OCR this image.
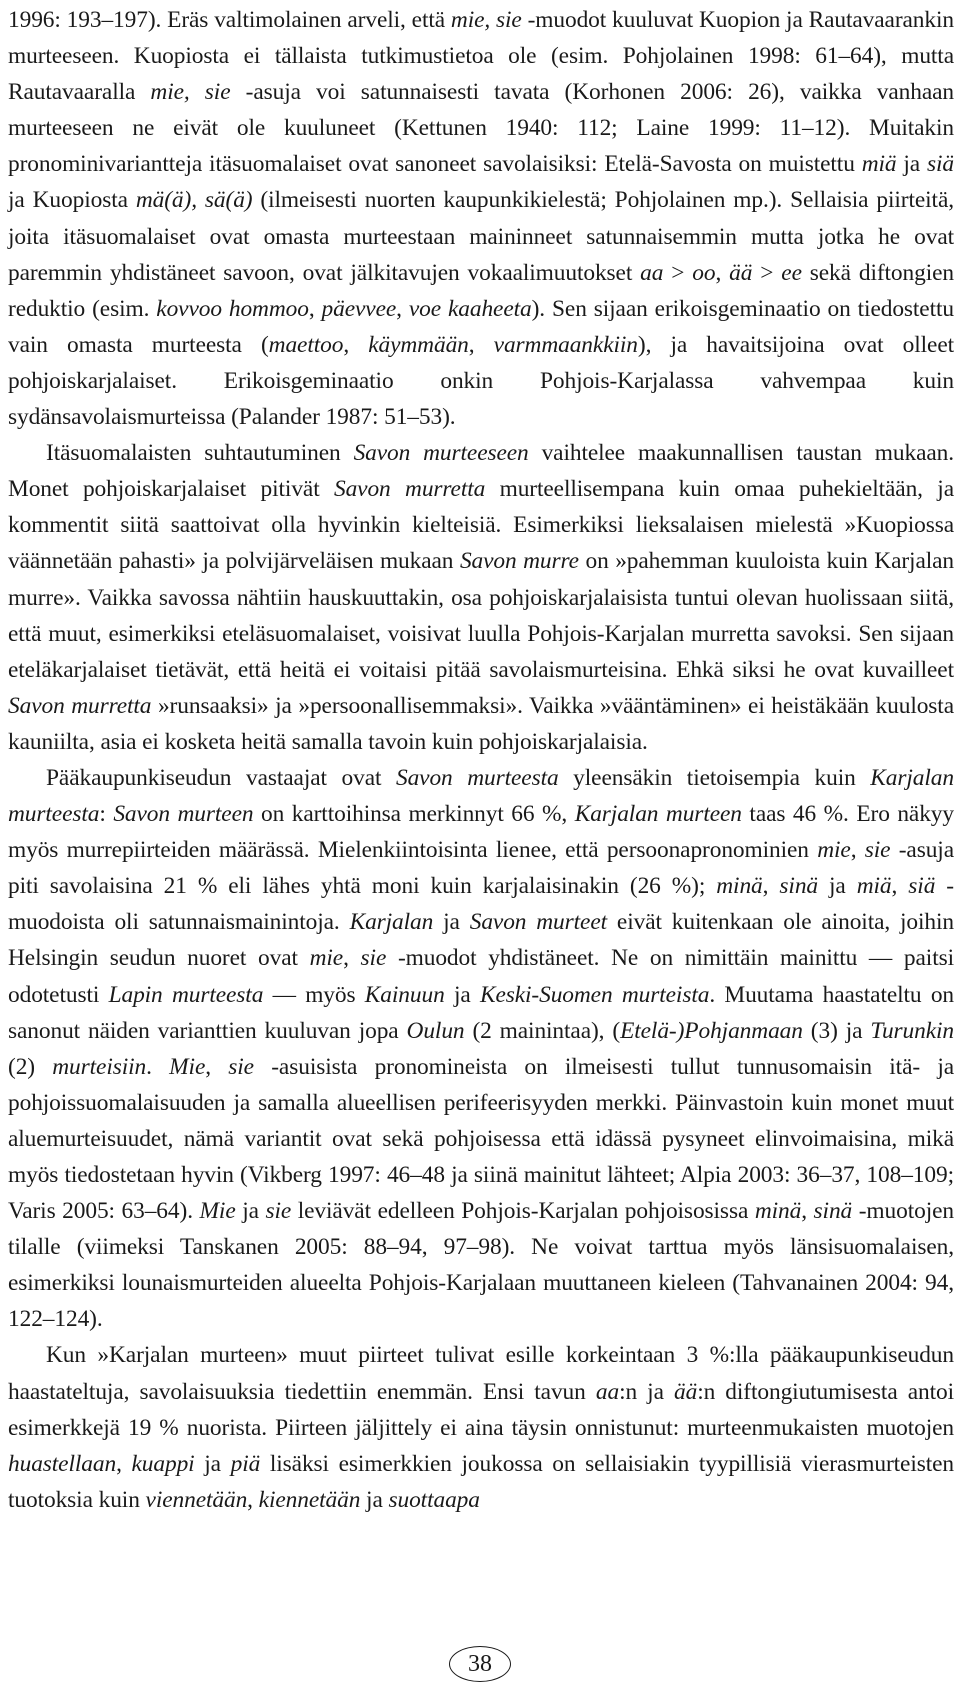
1996: 193–197). Eräs valtimolainen arveli, että mie, sie -muodot kuuluvat Kuopion ja Rautavaarankin murteeseen. Kuopiosta ei tällaista tutkimustietoa ole (esim. Pohjolainen 1998: 61–64), mutta Rautavaaralla mie, sie -asuja voi satunnaisesti tavata (Korhonen 2006: 26), vaikka vanhaan murteeseen ne eivät ole kuuluneet (Kettunen 1940: 112; Laine 1999: 11–12). Muitakin pronominivariantteja itäsuomalaiset ovat sanoneet savolaisiksi: Etelä-Savosta on muistettu miä ja siä ja Kuopiosta mä(ä), sä(ä) (ilmeisesti nuorten kaupunkikielestä; Pohjolainen mp.). Sellaisia piirteitä, joita itäsuomalaiset ovat omasta murteestaan maininneet satunnaisemmin mutta jotka he ovat paremmin yhdistäneet savoon, ovat jälkitavujen vokaalimuutokset aa > oo, ää > ee sekä diftongien reduktio (esim. kovvoo hommoo, päevvee, voe kaaheeta). Sen sijaan erikoisgeminaatio on tiedostettu vain omasta murteesta (maettoo, käymmään, varmmaankkiin), ja havaitsijoina ovat olleet pohjoiskarjalaiset. Erikoisgeminaatio onkin Pohjois-Karjalassa vahvempaa kuin sydänsavolaismurteissa (Palander 1987: 51–53).

Itäsuomalaisten suhtautuminen Savon murteeseen vaihtelee maakunnallisen taustan mukaan. Monet pohjoiskarjalaiset pitivät Savon murretta murteellisempana kuin omaa puhekieltään, ja kommentit siitä saattoivat olla hyvinkin kielteisiä. Esimerkiksi lieksalaisen mielestä »Kuopiossa väännetään pahasti» ja polvijärveläisen mukaan Savon murre on »pahemman kuuloista kuin Karjalan murre». Vaikka savossa nähtiin hauskuuttakin, osa pohjoiskarjalaisista tuntui olevan huolissaan siitä, että muut, esimerkiksi eteläsuomalaiset, voisivat luulla Pohjois-Karjalan murretta savoksi. Sen sijaan eteläkarjalaiset tietävät, että heitä ei voitaisi pitää savolaismurteisina. Ehkä siksi he ovat kuvailleet Savon murretta »runsaaksi» ja »persoonallisemmaksi». Vaikka »vääntäminen» ei heistäkään kuulosta kauniilta, asia ei kosketa heitä samalla tavoin kuin pohjoiskarjalaisia.

Pääkaupunkiseudun vastaajat ovat Savon murteesta yleensäkin tietoisempia kuin Karjalan murteesta: Savon murteen on karttoihinsa merkinnyt 66 %, Karjalan murteen taas 46 %. Ero näkyy myös murrepiirteiden määrässä. Mielenkiintoisinta lienee, että persoonapronominien mie, sie -asuja piti savolaisina 21 % eli lähes yhtä moni kuin karjalaisinakin (26 %); minä, sinä ja miä, siä -muodoista oli satunnaismainintoja. Karjalan ja Savon murteet eivät kuitenkaan ole ainoita, joihin Helsingin seudun nuoret ovat mie, sie -muodot yhdistäneet. Ne on nimittäin mainittu — paitsi odotetusti Lapin murteesta — myös Kainuun ja Keski-Suomen murteista. Muutama haastateltu on sanonut näiden varianttien kuuluvan jopa Oulun (2 mainintaa), (Etelä-)Pohjanmaan (3) ja Turunkin (2) murteisiin. Mie, sie -asuisista pronomineista on ilmeisesti tullut tunnusomaisin itä- ja pohjoissuomalaisuuden ja samalla alueellisen perifeerisyyden merkki. Päinvastoin kuin monet muut aluemurteisuudet, nämä variantit ovat sekä pohjoisessa että idässä pysyneet elinvoimaisina, mikä myös tiedostetaan hyvin (Vikberg 1997: 46–48 ja siinä mainitut lähteet; Alpia 2003: 36–37, 108–109; Varis 2005: 63–64). Mie ja sie leviävät edelleen Pohjois-Karjalan pohjoisosissa minä, sinä -muotojen tilalle (viimeksi Tanskanen 2005: 88–94, 97–98). Ne voivat tarttua myös länsisuomalaisen, esimerkiksi lounaismurteiden alueelta Pohjois-Karjalaan muuttaneen kieleen (Tahvanainen 2004: 94, 122–124).

Kun »Karjalan murteen» muut piirteet tulivat esille korkeintaan 3 %:lla pääkaupunkiseudun haastateltuja, savolaisuuksia tiedettiin enemmän. Ensi tavun aa:n ja ää:n diftongiutumisesta antoi esimerkkejä 19 % nuorista. Piirteen jäljittely ei aina täysin onnistunut: murteenmukaisten muotojen huastellaan, kuappi ja piä lisäksi esimerkkien joukossa on sellaisiakin tyypillisiä vierasmurteisten tuotoksia kuin viennetään, kiennetään ja suottaapa

38
